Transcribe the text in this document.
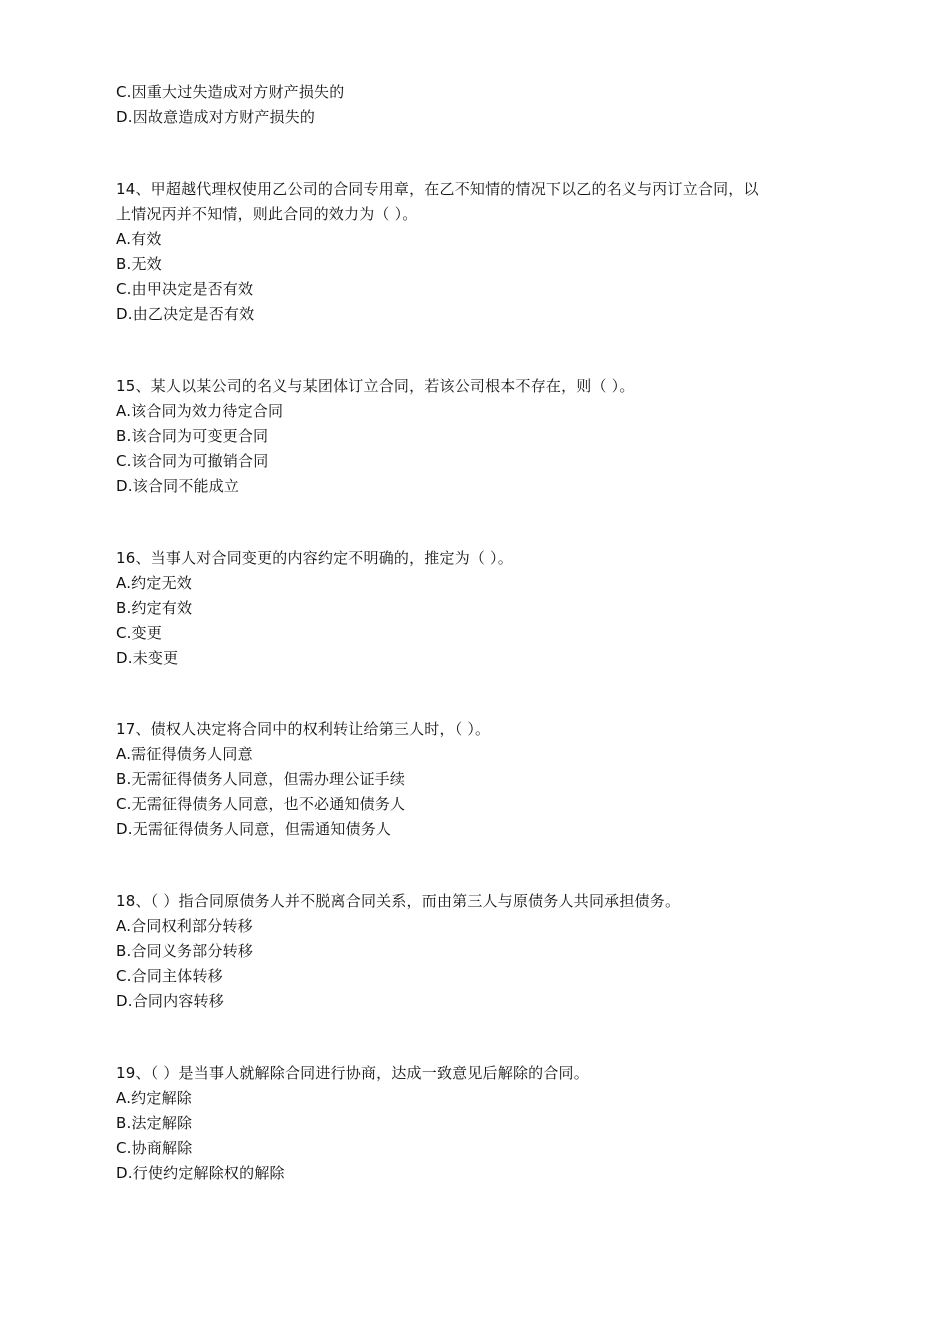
C.因重大过失造成对方财产损失的
D.因故意造成对方财产损失的
14、甲超越代理权使用乙公司的合同专用章，在乙不知情的情况下以乙的名义与丙订立合同，以
上情况丙并不知情，则此合同的效力为（ ）。
A.有效
B.无效
C.由甲决定是否有效
D.由乙决定是否有效
15、某人以某公司的名义与某团体订立合同，若该公司根本不存在，则（ ）。
A.该合同为效力待定合同
B.该合同为可变更合同
C.该合同为可撤销合同
D.该合同不能成立
16、当事人对合同变更的内容约定不明确的，推定为（ ）。
A.约定无效
B.约定有效
C.变更
D.未变更
17、债权人决定将合同中的权利转让给第三人时，（ ）。
A.需征得债务人同意
B.无需征得债务人同意，但需办理公证手续
C.无需征得债务人同意，也不必通知债务人
D.无需征得债务人同意，但需通知债务人
18、（ ）指合同原债务人并不脱离合同关系，而由第三人与原债务人共同承担债务。
A.合同权利部分转移
B.合同义务部分转移
C.合同主体转移
D.合同内容转移
19、（ ）是当事人就解除合同进行协商，达成一致意见后解除的合同。
A.约定解除
B.法定解除
C.协商解除
D.行使约定解除权的解除
